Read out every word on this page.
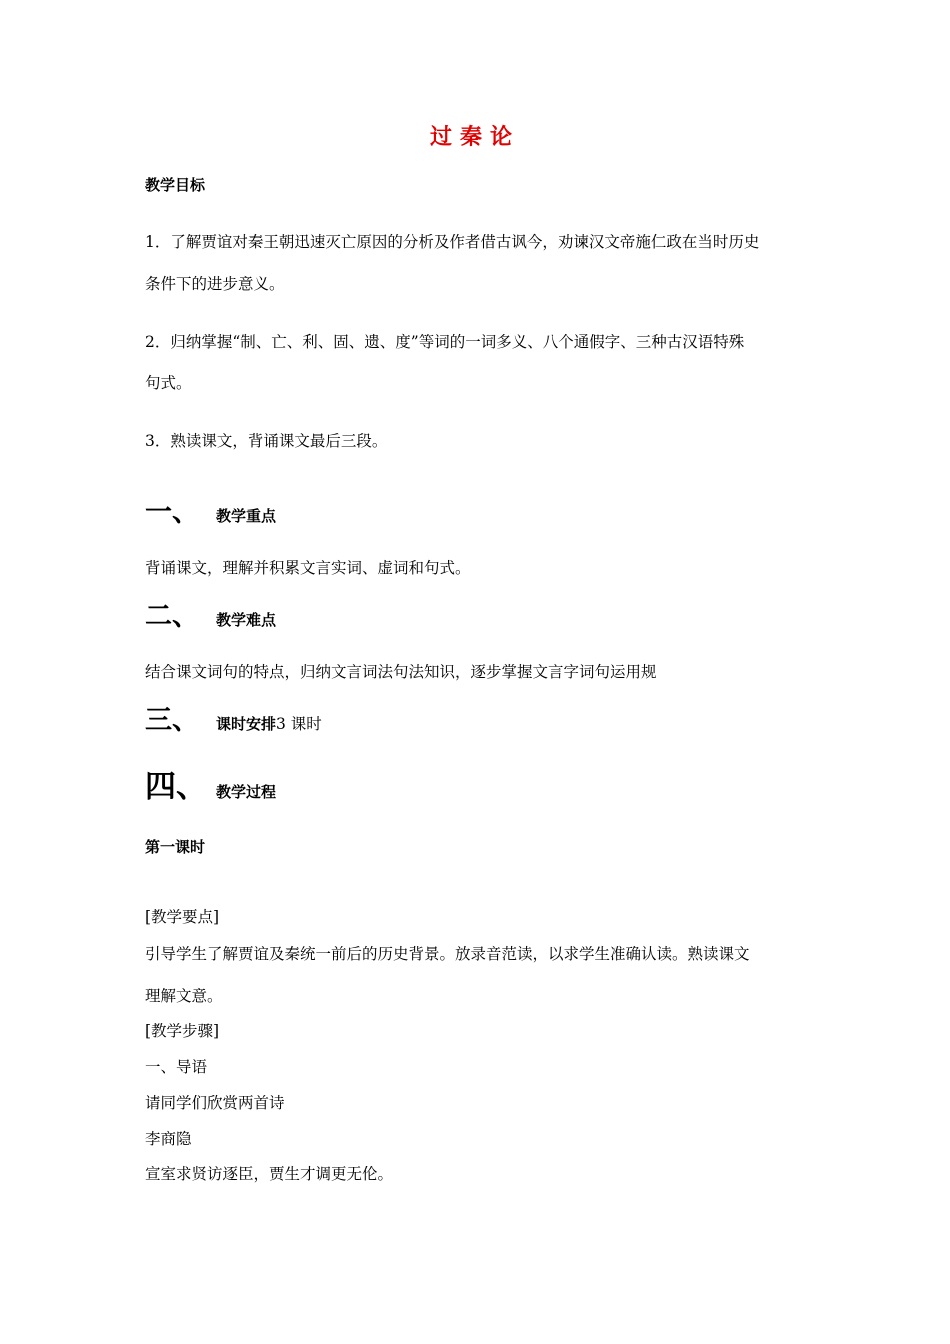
过秦论
教学目标
1．了解贾谊对秦王朝迅速灭亡原因的分析及作者借古讽今，劝谏汉文帝施仁政在当时历史
条件下的进步意义。
2．归纳掌握“制、亡、利、固、遗、度”等词的一词多义、八个通假字、三种古汉语特殊
句式。
3．熟读课文，背诵课文最后三段。
一、 教学重点
背诵课文，理解并积累文言实词、虚词和句式。
二、 教学难点
结合课文词句的特点，归纳文言词法句法知识，逐步掌握文言字词句运用规
三、 课时安排3 课时
四、 教学过程
第一课时
[教学要点]
引导学生了解贾谊及秦统一前后的历史背景。放录音范读，以求学生准确认读。熟读课文
理解文意。
[教学步骤]
一、导语
请同学们欣赏两首诗
李商隐
宣室求贤访逐臣，贾生才调更无伦。
